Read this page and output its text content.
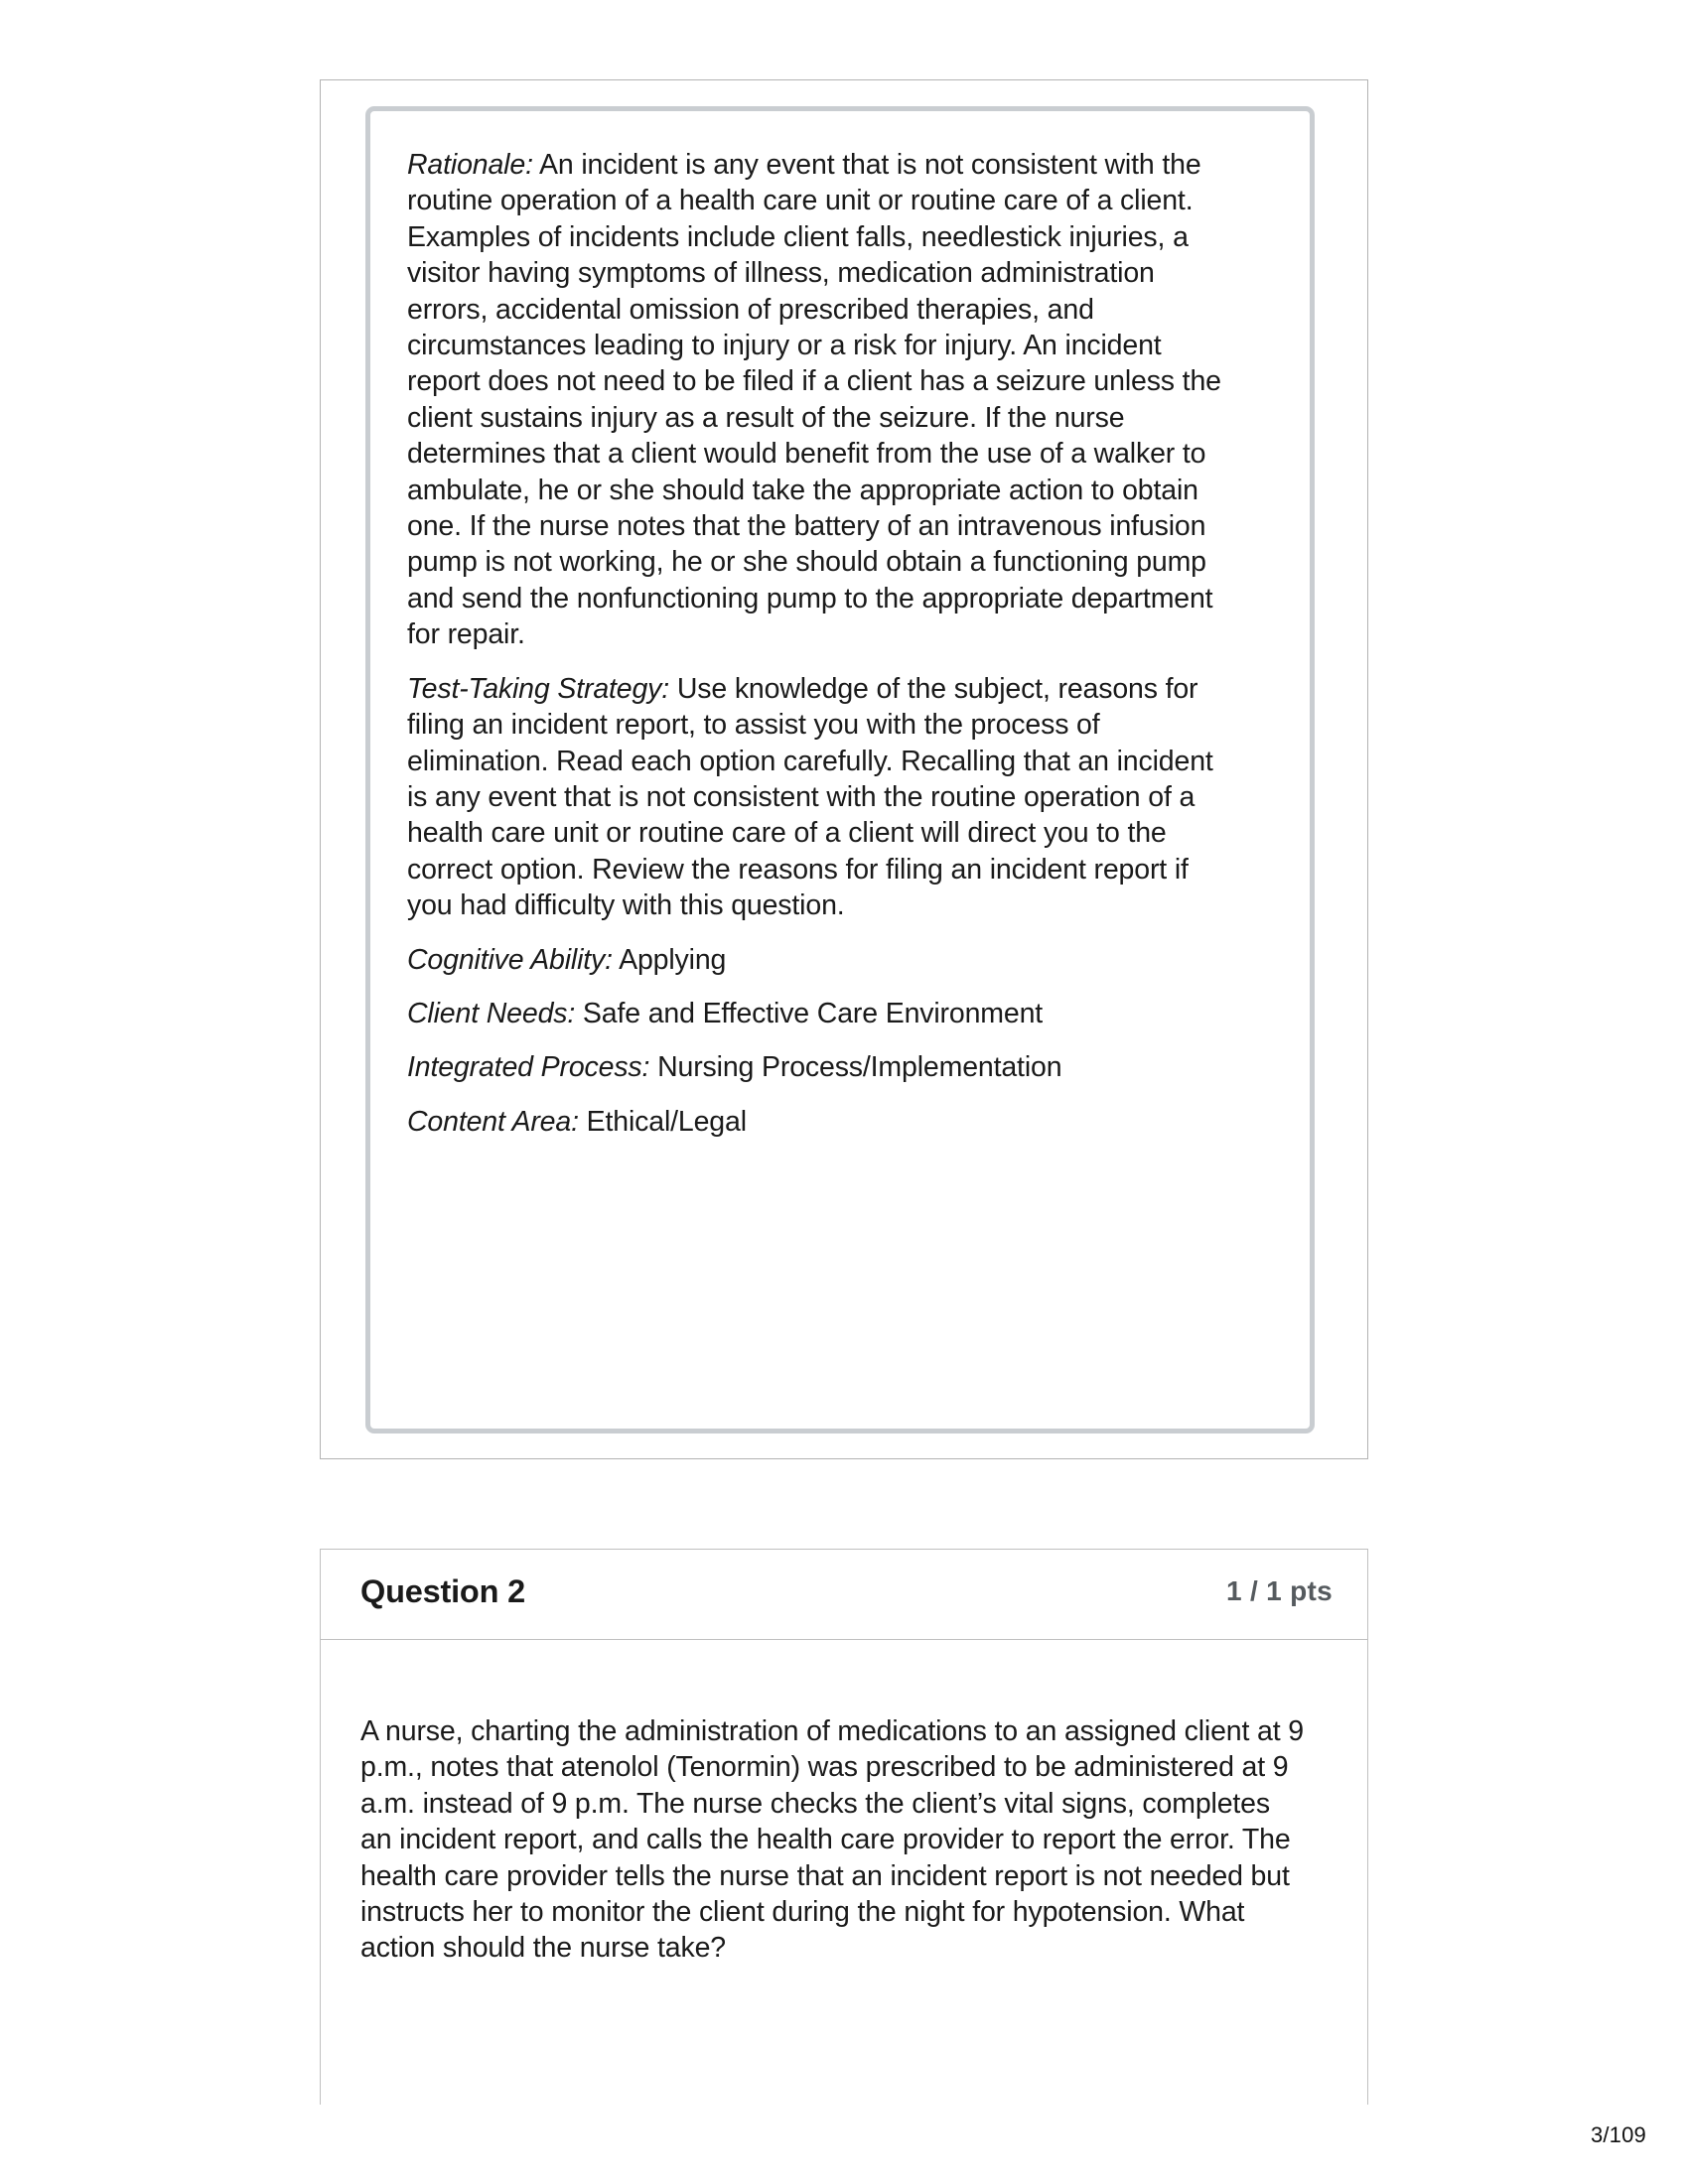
Rationale: An incident is any event that is not consistent with the routine operation of a health care unit or routine care of a client. Examples of incidents include client falls, needlestick injuries, a visitor having symptoms of illness, medication administration errors, accidental omission of prescribed therapies, and circumstances leading to injury or a risk for injury. An incident report does not need to be filed if a client has a seizure unless the client sustains injury as a result of the seizure. If the nurse determines that a client would benefit from the use of a walker to ambulate, he or she should take the appropriate action to obtain one. If the nurse notes that the battery of an intravenous infusion pump is not working, he or she should obtain a functioning pump and send the nonfunctioning pump to the appropriate department for repair.

Test-Taking Strategy: Use knowledge of the subject, reasons for filing an incident report, to assist you with the process of elimination. Read each option carefully. Recalling that an incident is any event that is not consistent with the routine operation of a health care unit or routine care of a client will direct you to the correct option. Review the reasons for filing an incident report if you had difficulty with this question.

Cognitive Ability: Applying

Client Needs: Safe and Effective Care Environment

Integrated Process: Nursing Process/Implementation

Content Area: Ethical/Legal

Question 2	1 / 1 pts

A nurse, charting the administration of medications to an assigned client at 9 p.m., notes that atenolol (Tenormin) was prescribed to be administered at 9 a.m. instead of 9 p.m. The nurse checks the client’s vital signs, completes an incident report, and calls the health care provider to report the error. The health care provider tells the nurse that an incident report is not needed but instructs her to monitor the client during the night for hypotension. What action should the nurse take?

3/109
